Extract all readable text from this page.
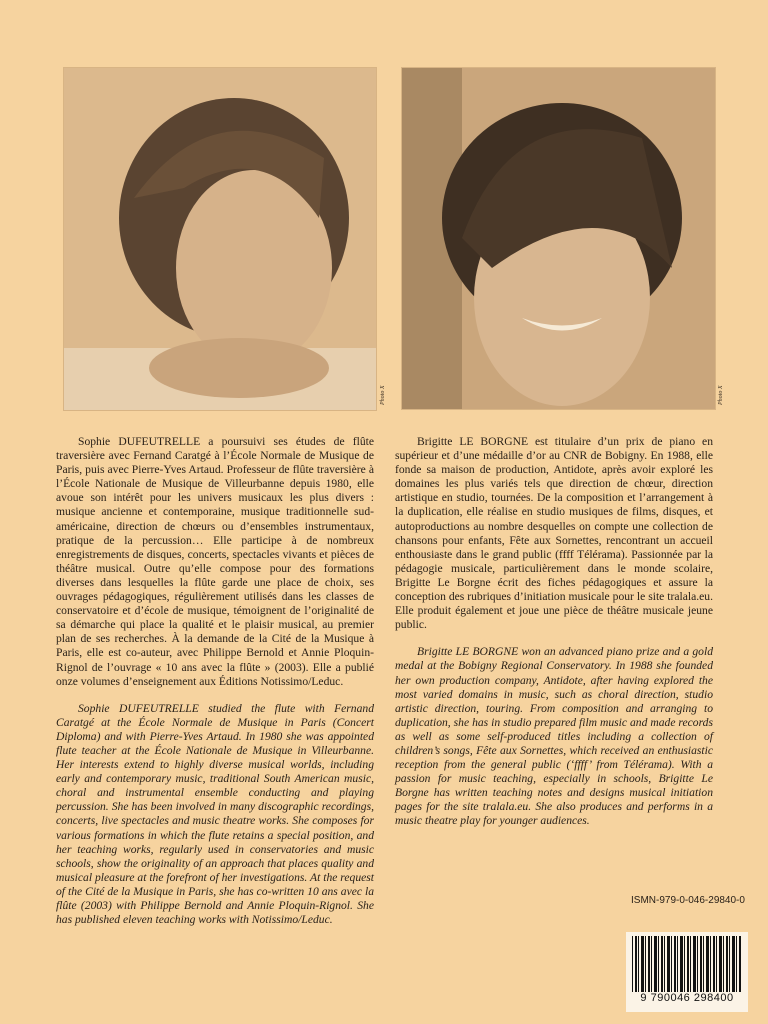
Photo X	Photo X

Sophie DUFEUTRELLE a poursuivi ses études de flûte traversière avec Fernand Caratgé à l’École Normale de Musique de Paris, puis avec Pierre-Yves Artaud. Professeur de flûte traversière à l’École Nationale de Musique de Villeurbanne depuis 1980, elle avoue son intérêt pour les univers musicaux les plus divers : musique ancienne et contemporaine, musique traditionnelle sud-américaine, direction de chœurs ou d’ensembles instrumentaux, pratique de la percussion… Elle participe à de nombreux enregistrements de disques, concerts, spectacles vivants et pièces de théâtre musical. Outre qu’elle compose pour des formations diverses dans lesquelles la flûte garde une place de choix, ses ouvrages pédagogiques, régulièrement utilisés dans les classes de conservatoire et d’école de musique, témoignent de l’originalité de sa démarche qui place la qualité et le plaisir musical, au premier plan de ses recherches. À la demande de la Cité de la Musique à Paris, elle est co-auteur, avec Philippe Bernold et Annie Ploquin-Rignol de l’ouvrage « 10 ans avec la flûte » (2003). Elle a publié onze volumes d’enseignement aux Éditions Notissimo/Leduc.

Sophie DUFEUTRELLE studied the flute with Fernand Caratgé at the École Normale de Musique in Paris (Concert Diploma) and with Pierre-Yves Artaud. In 1980 she was appointed flute teacher at the École Nationale de Musique in Villeurbanne. Her interests extend to highly diverse musical worlds, including early and contemporary music, traditional South American music, choral and instrumental ensemble conducting and playing percussion. She has been involved in many discographic recordings, concerts, live spectacles and music theatre works. She composes for various formations in which the flute retains a special position, and her teaching works, regularly used in conservatories and music schools, show the originality of an approach that places quality and musical pleasure at the forefront of her investigations. At the request of the Cité de la Musique in Paris, she has co-written 10 ans avec la flûte (2003) with Philippe Bernold and Annie Ploquin-Rignol. She has published eleven teaching works with Notissimo/Leduc.

Brigitte LE BORGNE est titulaire d’un prix de piano en supérieur et d’une médaille d’or au CNR de Bobigny. En 1988, elle fonde sa maison de production, Antidote, après avoir exploré les domaines les plus variés tels que direction de chœur, direction artistique en studio, tournées. De la composition et l’arrangement à la duplication, elle réalise en studio musiques de films, disques, et autoproductions au nombre desquelles on compte une collection de chansons pour enfants, Fête aux Sornettes, rencontrant un accueil enthousiaste dans le grand public (ffff Télérama). Passionnée par la pédagogie musicale, particulièrement dans le monde scolaire, Brigitte Le Borgne écrit des fiches pédagogiques et assure la conception des rubriques d’initiation musicale pour le site tralala.eu. Elle produit également et joue une pièce de théâtre musicale jeune public.

Brigitte LE BORGNE won an advanced piano prize and a gold medal at the Bobigny Regional Conservatory. In 1988 she founded her own production company, Antidote, after having explored the most varied domains in music, such as choral direction, studio artistic direction, touring. From composition and arranging to duplication, she has in studio prepared film music and made records as well as some self-produced titles including a collection of children’s songs, Fête aux Sornettes, which received an enthusiastic reception from the general public (‘ffff’ from Télérama). With a passion for music teaching, especially in schools, Brigitte Le Borgne has written teaching notes and designs musical initiation pages for the site tralala.eu. She also produces and performs in a music theatre play for younger audiences.

ISMN-979-0-046-29840-0
9 790046 298400
